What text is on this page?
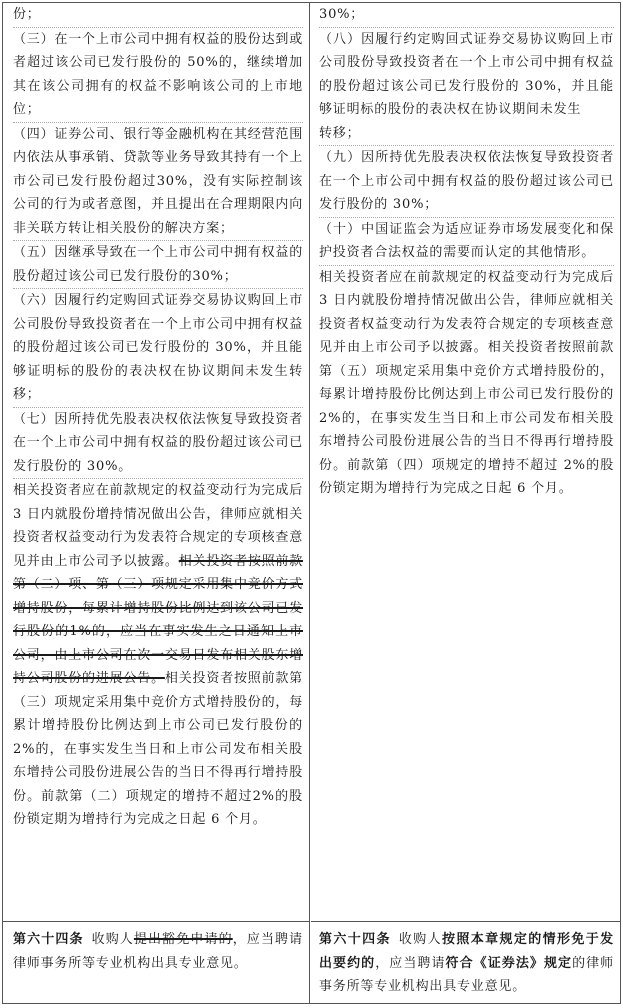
份；

（三）在一个上市公司中拥有权益的股份达到或者超过该公司已发行股份的 50%的，继续增加其在该公司拥有的权益不影响该公司的上市地位；

（四）证券公司、银行等金融机构在其经营范围内依法从事承销、贷款等业务导致其持有一个上市公司已发行股份超过30%，没有实际控制该公司的行为或者意图，并且提出在合理期限内向非关联方转让相关股份的解决方案；

（五）因继承导致在一个上市公司中拥有权益的股份超过该公司已发行股份的30%；

（六）因履行约定购回式证券交易协议购回上市公司股份导致投资者在一个上市公司中拥有权益的股份超过该公司已发行股份的 30%，并且能够证明标的股份的表决权在协议期间未发生转移；

（七）因所持优先股表决权依法恢复导致投资者在一个上市公司中拥有权益的股份超过该公司已发行股份的 30%。

相关投资者应在前款规定的权益变动行为完成后 3 日内就股份增持情况做出公告，律师应就相关投资者权益变动行为发表符合规定的专项核查意见并由上市公司予以披露。相关投资者按照前款第（二）项、第（三）项规定采用集中竞价方式增持股份，每累计增持股份比例达到该公司已发行股份的1%的，应当在事实发生之日通知上市公司，由上市公司在次一交易日发布相关股东增持公司股份的进展公告。相关投资者按照前款第（三）项规定采用集中竞价方式增持股份的，每累计增持股份比例达到上市公司已发行股份的 2%的，在事实发生当日和上市公司发布相关股东增持公司股份进展公告的当日不得再行增持股份。前款第（二）项规定的增持不超过2%的股份锁定期为增持行为完成之日起 6 个月。

30%；

（八）因履行约定购回式证券交易协议购回上市公司股份导致投资者在一个上市公司中拥有权益的股份超过该公司已发行股份的 30%，并且能够证明标的股份的表决权在协议期间未发生

转移；

（九）因所持优先股表决权依法恢复导致投资者在一个上市公司中拥有权益的股份超过该公司已发行股份的 30%；

（十）中国证监会为适应证券市场发展变化和保护投资者合法权益的需要而认定的其他情形。

相关投资者应在前款规定的权益变动行为完成后 3 日内就股份增持情况做出公告，律师应就相关投资者权益变动行为发表符合规定的专项核查意见并由上市公司予以披露。相关投资者按照前款第（五）项规定采用集中竞价方式增持股份的，每累计增持股份比例达到上市公司已发行股份的 2%的，在事实发生当日和上市公司发布相关股东增持公司股份进展公告的当日不得再行增持股份。前款第（四）项规定的增持不超过 2%的股份锁定期为增持行为完成之日起 6 个月。

第六十四条 收购人提出豁免申请的，应当聘请律师事务所等专业机构出具专业意见。

第六十四条 收购人按照本章规定的情形免于发出要约的，应当聘请符合《证券法》规定的律师事务所等专业机构出具专业意见。
